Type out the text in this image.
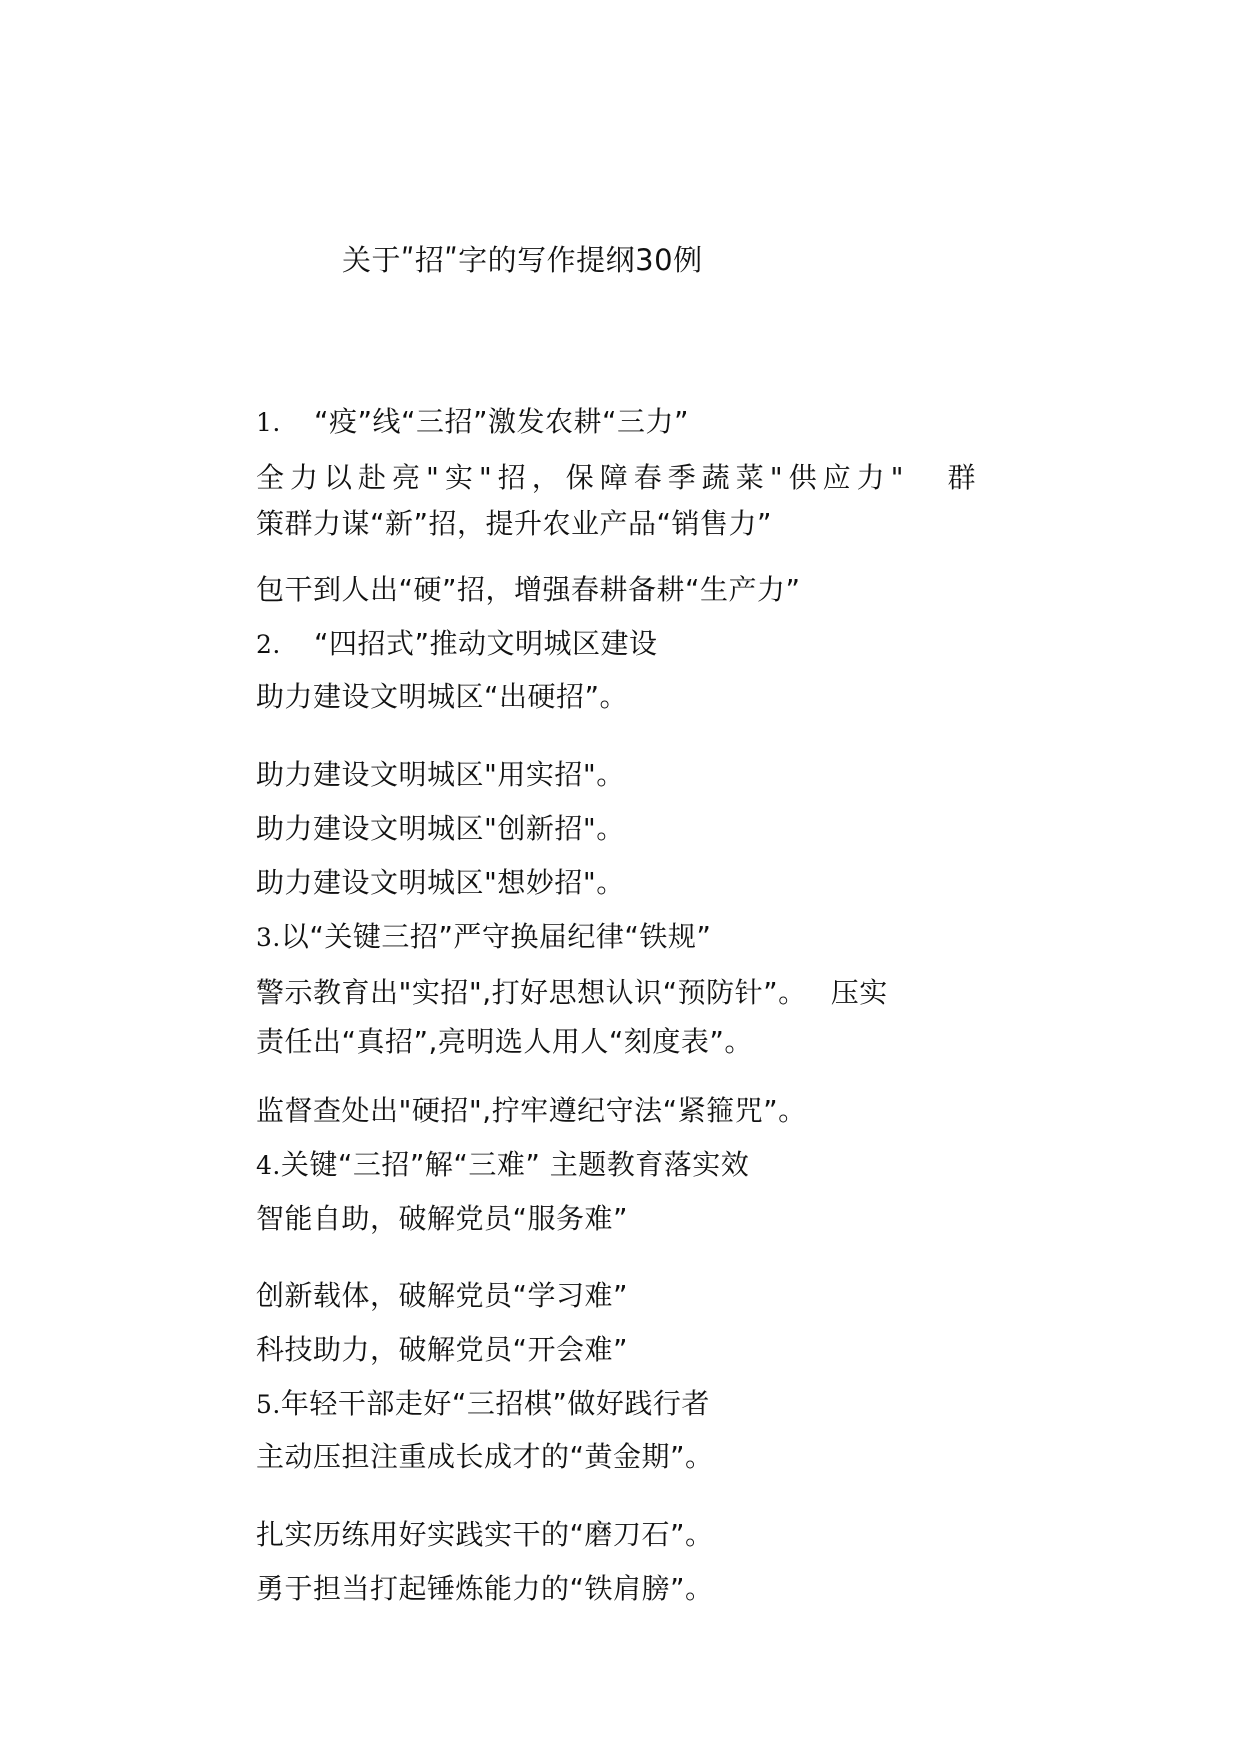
关于ʺ招ʺ字的写作提纲30例
1. “疫”线“三招”激发农耕“三力”
全力以赴亮"实"招，保障春季蔬菜"供应力" 群
策群力谋“新”招，提升农业产品“销售力”
包干到人出“硬”招，增强春耕备耕“生产力”
2. “四招式”推动文明城区建设
助力建设文明城区“出硬招”。
助力建设文明城区"用实招"。
助力建设文明城区"创新招"。
助力建设文明城区"想妙招"。
3.以“关键三招”严守换届纪律“铁规”
警示教育出"实招",打好思想认识“预防针”。 压实
责任出“真招”,亮明选人用人“刻度表”。
监督查处出"硬招",拧牢遵纪守法“紧箍咒”。
4.关键“三招”解“三难” 主题教育落实效
智能自助，破解党员“服务难”
创新载体，破解党员“学习难”
科技助力，破解党员“开会难”
5.年轻干部走好“三招棋”做好践行者
主动压担注重成长成才的“黄金期”。
扎实历练用好实践实干的“磨刀石”。
勇于担当打起锤炼能力的“铁肩膀”。
